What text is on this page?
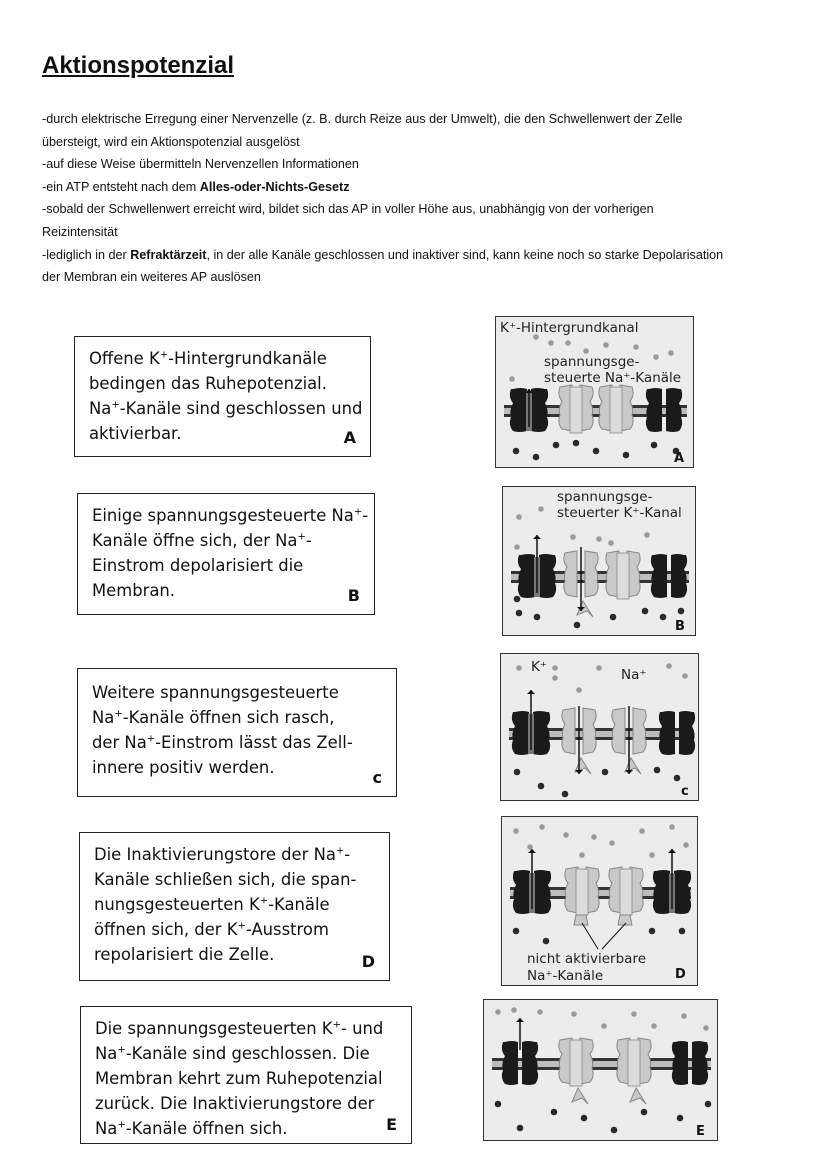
Aktionspotenzial

-durch elektrische Erregung einer Nervenzelle (z. B. durch Reize aus der Umwelt), die den Schwellenwert der Zelle

übersteigt, wird ein Aktionspotenzial ausgelöst

-auf diese Weise übermitteln Nervenzellen Informationen

-ein ATP entsteht nach dem Alles-oder-Nichts-Gesetz

-sobald der Schwellenwert erreicht wird, bildet sich das AP in voller Höhe aus, unabhängig von der vorherigen

Reizintensität

-lediglich in der Refraktärzeit, in der alle Kanäle geschlossen und inaktiver sind, kann keine noch so starke Depolarisation

der Membran ein weiteres AP auslösen

Offene K+-Hintergrundkanäle
bedingen das Ruhepotenzial.
Na+-Kanäle sind geschlossen und
aktivierbar.	A
Einige spannungsgesteuerte Na+-
Kanäle öffne sich, der Na+-
Einstrom depolarisiert die
Membran.	B
Weitere spannungsgesteuerte
Na+-Kanäle öffnen sich rasch,
der Na+-Einstrom lässt das Zell-
innere positiv werden.
c
Die Inaktivierungstore der Na+-
Kanäle schließen sich, die span-
nungsgesteuerten K+-Kanäle
öffnen sich, der K+-Ausstrom
repolarisiert die Zelle.	D
Die spannungsgesteuerten K+- und
Na+-Kanäle sind geschlossen. Die
Membran kehrt zum Ruhepotenzial
zurück. Die Inaktivierungstore der
Na+-Kanäle öffnen sich.	E
K⁺-Hintergrundkanal
spannungsge-
steuerte Na⁺-Kanäle
A
spannungsge-
steuerter K⁺-Kanal
B
K⁺	Na⁺
c
nicht aktivierbare
Na⁺-Kanäle	D
E
